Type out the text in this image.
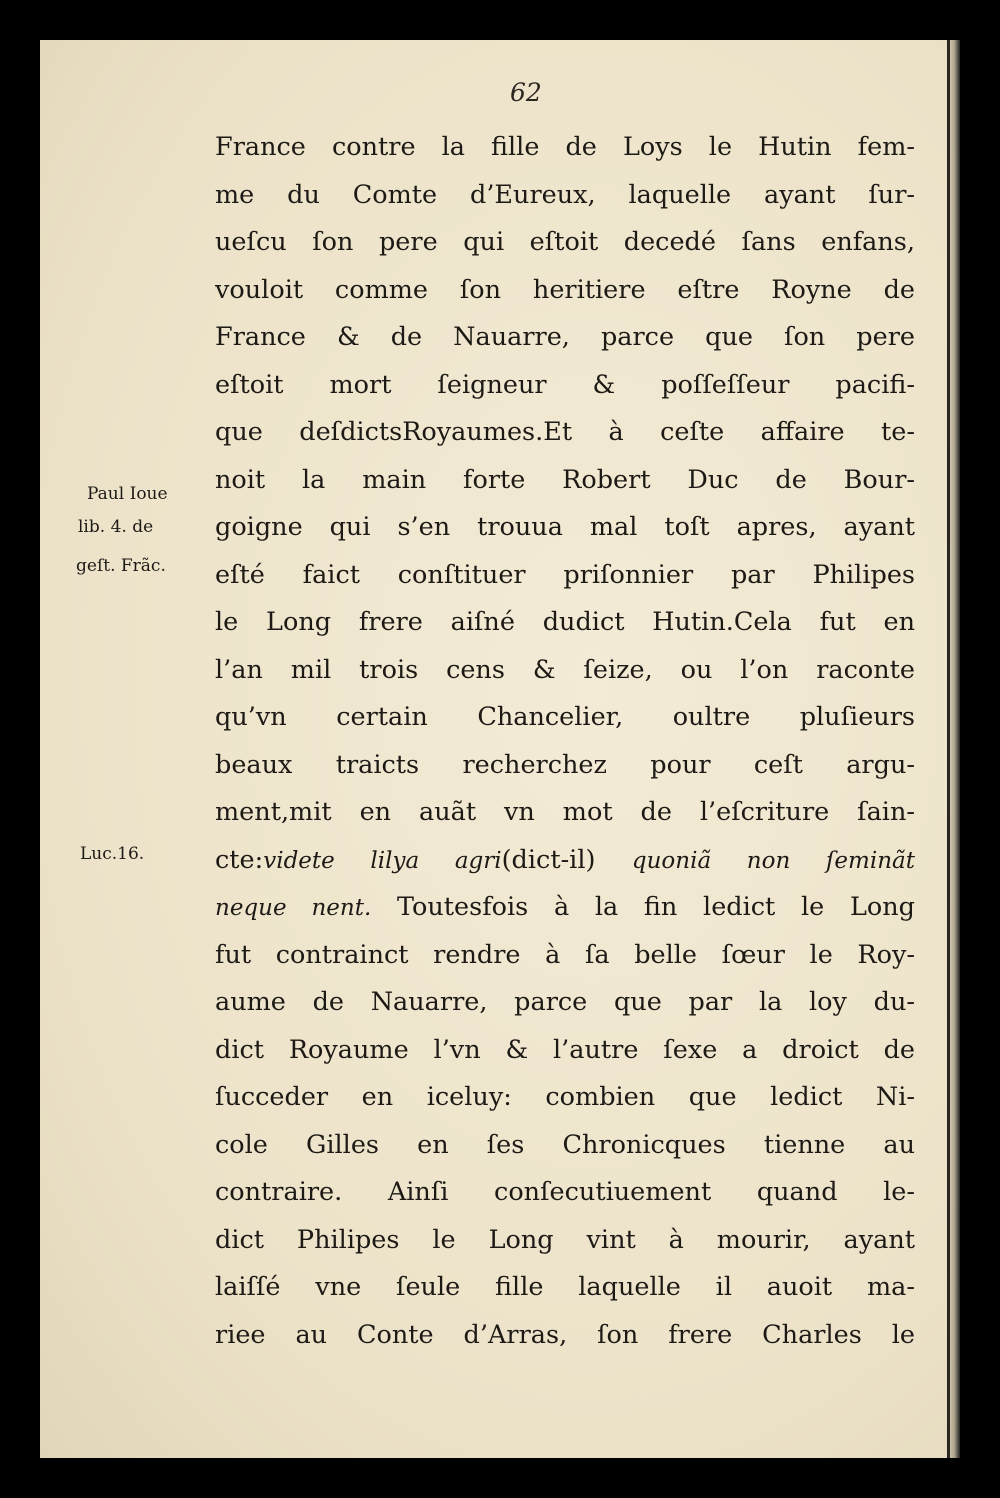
62
Paul Ioue
lib. 4. de
geſt. Frãc.
Luc.16.
France contre la fille de Loys le Hutin fem-
me du Comte d’Eureux, laquelle ayant ſur-
ueſcu ſon pere qui eſtoit decedé ſans enfans,
vouloit comme ſon heritiere eſtre Royne de
France & de Nauarre, parce que ſon pere
eſtoit mort ſeigneur & poſſeſſeur pacifi-
que deſdictsRoyaumes.Et à ceſte affaire te-
noit la main forte Robert Duc de Bour-
goigne qui s’en trouua mal toſt apres, ayant
eſté faict conſtituer priſonnier par Philipes
le Long frere aiſné dudict Hutin.Cela fut en
l’an mil trois cens & ſeize, ou l’on raconte
qu’vn certain Chancelier, oultre pluſieurs
beaux traicts recherchez pour ceſt argu-
ment,mit en auãt vn mot de l’eſcriture ſain-
cte:videte lilya agri(dict-il) quoniã non ſeminãt
neque nent. Toutesfois à la fin ledict le Long
fut contrainct rendre à ſa belle ſœur le Roy-
aume de Nauarre, parce que par la loy du-
dict Royaume l’vn & l’autre ſexe a droict de
ſucceder en iceluy: combien que ledict Ni-
cole Gilles en ſes Chronicques tienne au
contraire. Ainſi conſecutiuement quand le-
dict Philipes le Long vint à mourir, ayant
laiſſé vne ſeule fille laquelle il auoit ma-
riee au Conte d’Arras, ſon frere Charles le
